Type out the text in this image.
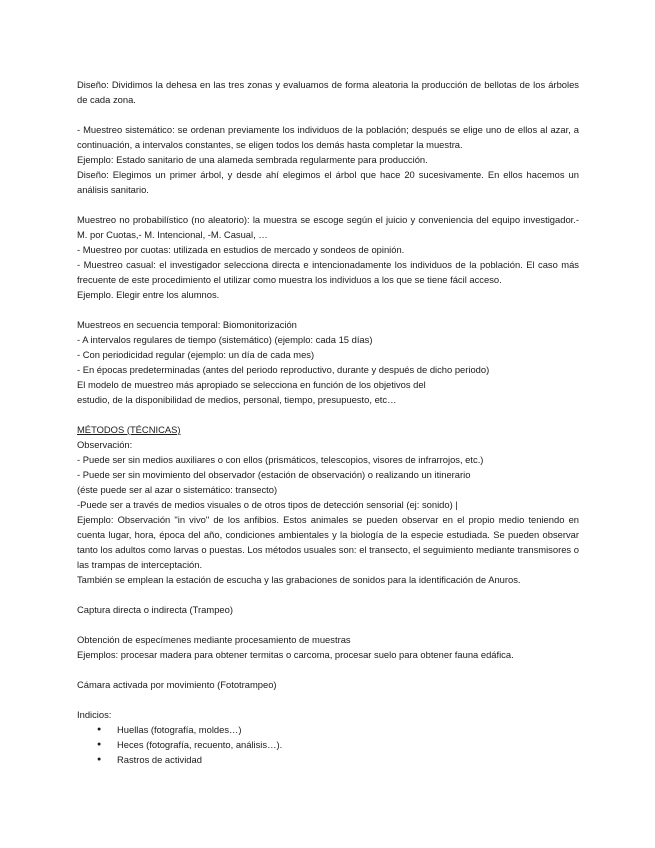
Diseño: Dividimos la dehesa en las tres zonas y evaluamos de forma aleatoria la producción de bellotas de los árboles de cada zona.

- Muestreo sistemático: se ordenan previamente los individuos de la población; después se elige uno de ellos al azar, a continuación, a intervalos constantes, se eligen todos los demás hasta completar la muestra.

Ejemplo: Estado sanitario de una alameda sembrada regularmente para producción.

Diseño: Elegimos un primer árbol, y desde ahí elegimos el árbol que hace 20 sucesivamente. En ellos hacemos un análisis sanitario.

Muestreo no probabilístico (no aleatorio): la muestra se escoge según el juicio y conveniencia del equipo investigador.-M. por Cuotas,- M. Intencional, -M. Casual, …

- Muestreo por cuotas: utilizada en estudios de mercado y sondeos de opinión.

- Muestreo casual: el investigador selecciona directa e intencionadamente los individuos de la población. El caso más frecuente de este procedimiento el utilizar como muestra los individuos a los que se tiene fácil acceso.

Ejemplo. Elegir entre los alumnos.

Muestreos en secuencia temporal: Biomonitorización

- A intervalos regulares de tiempo (sistemático) (ejemplo: cada 15 días)

- Con periodicidad regular (ejemplo: un día de cada mes)

- En épocas predeterminadas (antes del periodo reproductivo, durante y después de dicho periodo)

El modelo de muestreo más apropiado se selecciona en función de los objetivos del

estudio, de la disponibilidad de medios, personal, tiempo, presupuesto, etc…

MÉTODOS (TÉCNICAS)

Observación:

- Puede ser sin medios auxiliares o con ellos (prismáticos, telescopios, visores de infrarrojos, etc.)

- Puede ser sin movimiento del observador (estación de observación) o realizando un itinerario

(éste puede ser al azar o sistemático: transecto)

-Puede ser a través de medios visuales o de otros tipos de detección sensorial (ej: sonido) |

Ejemplo: Observación "in vivo" de los anfibios. Estos animales se pueden observar en el propio medio teniendo en cuenta lugar, hora, época del año, condiciones ambientales y la biología de la especie estudiada. Se pueden observar tanto los adultos como larvas o puestas. Los métodos usuales son: el transecto, el seguimiento mediante transmisores o las trampas de interceptación.

También se emplean la estación de escucha y las grabaciones de sonidos para la identificación de Anuros.

Captura directa o indirecta (Trampeo)

Obtención de especímenes mediante procesamiento de muestras

Ejemplos: procesar madera para obtener termitas o carcoma, procesar suelo para obtener fauna edáfica.

Cámara activada por movimiento (Fototrampeo)

Indicios:

● Huellas (fotografía, moldes…)
● Heces (fotografía, recuento, análisis…).
● Rastros de actividad
